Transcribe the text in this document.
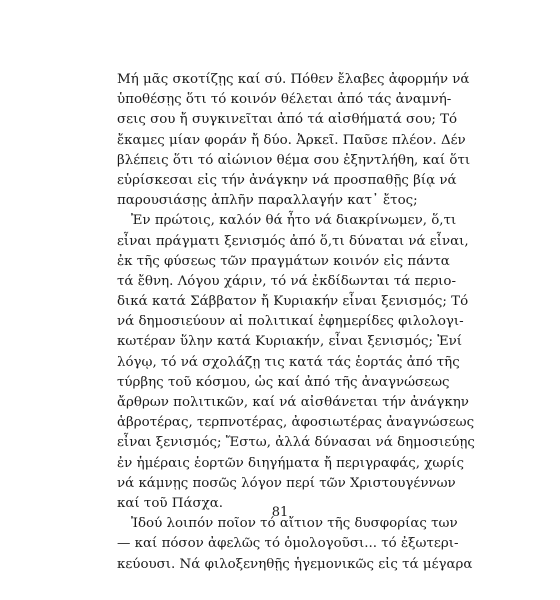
Μή μᾶς σκοτίζῃς καί σύ. Πόθεν ἔλαβες ἀφορμήν νά
ὑποθέσῃς ὅτι τό κοινόν θέλεται ἀπό τάς ἀναμνή-
σεις σου ἤ συγκινεῖται ἀπό τά αἰσθήματά σου; Τό
ἔκαμες μίαν φοράν ἤ δύο. Ἀρκεῖ. Παῦσε πλέον. Δέν
βλέπεις ὅτι τό αἰώνιον θέμα σου ἐξηντλήθη, καί ὅτι
εὑρίσκεσαι εἰς τήν ἀνάγκην νά προσπαθῇς βίᾳ νά
παρουσιάσῃς ἀπλῆν παραλλαγήν κατ᾽ ἔτος;
Ἐν πρώτοις, καλόν θά ἦτο νά διακρίνωμεν, ὅ,τι
εἶναι πράγματι ξενισμός ἀπό ὅ,τι δύναται νά εἶναι,
ἐκ τῆς φύσεως τῶν πραγμάτων κοινόν εἰς πάντα
τά ἔθνη. Λόγου χάριν, τό νά ἐκδίδωνται τά περιο-
δικά κατά Σάββατον ἤ Κυριακήν εἶναι ξενισμός; Τό
νά δημοσιεύουν αἱ πολιτικαί ἐφημερίδες φιλολογι-
κωτέραν ὕλην κατά Κυριακήν, εἶναι ξενισμός; Ἐνί
λόγῳ, τό νά σχολάζῃ τις κατά τάς ἑορτάς ἀπό τῆς
τύρβης τοῦ κόσμου, ὡς καί ἀπό τῆς ἀναγνώσεως
ἄρθρων πολιτικῶν, καί νά αἰσθάνεται τήν ἀνάγκην
ἁβροτέρας, τερπνοτέρας, ἀφοσιωτέρας ἀναγνώσεως
εἶναι ξενισμός; Ἔστω, ἀλλά δύνασαι νά δημοσιεύῃς
ἐν ἡμέραις ἑορτῶν διηγήματα ἤ περιγραφάς, χωρίς
νά κάμνῃς ποσῶς λόγον περί τῶν Χριστουγέννων
καί τοῦ Πάσχα.
Ἰδού λοιπόν ποῖον τό αἴτιον τῆς δυσφορίας των
— καί πόσον ἀφελῶς τό ὁμολογοῦσι... τό ἐξωτερι-
κεύουσι. Νά φιλοξενηθῇς ἡγεμονικῶς εἰς τά μέγαρα
81
